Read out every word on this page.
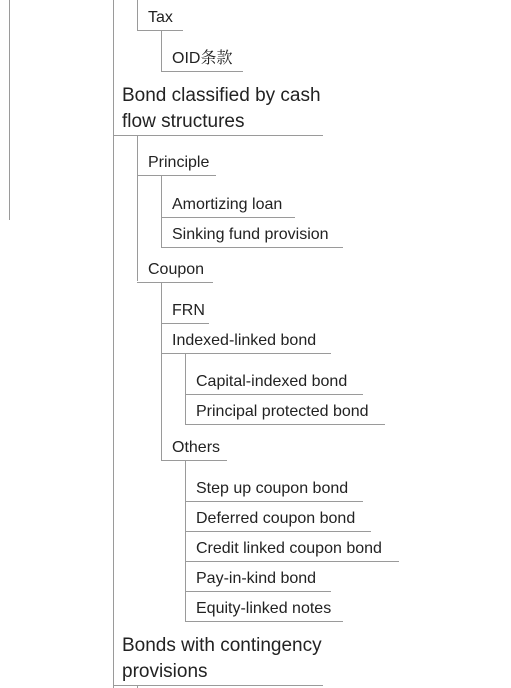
Tax
OID条款
Bond classified by cash flow structures
Principle
Amortizing loan
Sinking fund provision
Coupon
FRN
Indexed-linked bond
Capital-indexed bond
Principal protected bond
Others
Step up coupon bond
Deferred coupon bond
Credit linked coupon bond
Pay-in-kind bond
Equity-linked notes
Bonds with contingency provisions
